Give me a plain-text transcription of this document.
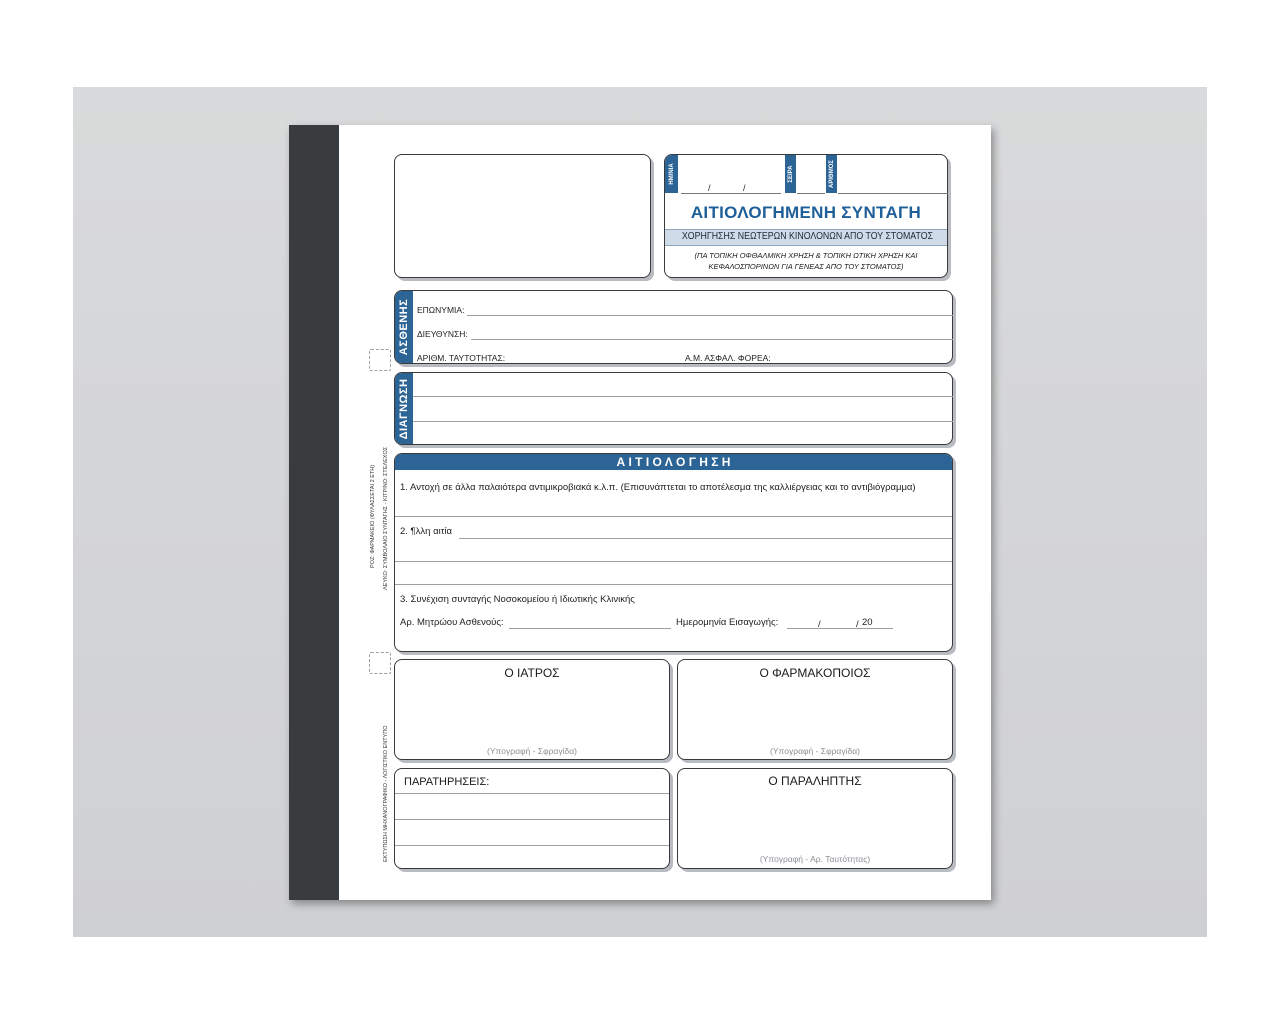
ΡΟΖ: ΦΑΡΜΑΚΕΙΟ (ΦΥΛΑΣΣΕΤΑΙ 2 ΕΤΗ) ΛΕΥΚΟ: ΣΥΜΒΟΛΑΙΟ ΣΥΝΤΑΓΗΣ - ΚΙΤΡΙΝΟ: ΣΤΕΛΕΧΟΣ
ΕΚΤΥΠΩΣΗ ΜΗΧΑΝΟΓΡΑΦΙΚΟ - ΛΟΓΙΣΤΙΚΟ ΕΝΤΥΠΟ
ΗΜ/ΝΙΑ
/	/
ΣΕΙΡΑ	ΑΡΙΘΜΟΣ
ΑΙΤΙΟΛΟΓΗΜΕΝΗ ΣΥΝΤΑΓΗ
ΧΟΡΗΓΗΣΗΣ ΝΕΩΤΕΡΩΝ ΚΙΝΟΛΟΝΩΝ ΑΠΟ ΤΟΥ ΣΤΟΜΑΤΟΣ
(ΠΑ ΤΟΠΙΚΗ ΟΦΘΑΛΜΙΚΗ ΧΡΗΣΗ & ΤΟΠΙΚΗ ΩΤΙΚΗ ΧΡΗΣΗ ΚΑΙ
ΚΕΦΑΛΟΣΠΟΡΙΝΩΝ ΓΙΑ ΓΕΝΕΑΣ ΑΠΟ ΤΟΥ ΣΤΟΜΑΤΟΣ)
ΑΣΘΕΝΗΣ ΕΠΩΝΥΜΙΑ:
ΔΙΕΥΘΥΝΣΗ:
ΑΡΙΘΜ. ΤΑΥΤΟΤΗΤΑΣ:	Α.Μ. ΑΣΦΑΛ. ΦΟΡΕΑ:
ΔΙΑΓΝΩΣΗ
Α Ι Τ Ι Ο Λ Ο Γ Η Σ Η
1. Αντοχή σε άλλα παλαιότερα αντιμικροβιακά κ.λ.π. (Επισυνάπτεται το αποτέλεσμα της καλλιέργειας και το αντιβιόγραμμα)
2. ¶λλη αιτία
3. Συνέχιση συνταγής Νοσοκομείου ή Ιδιωτικής Κλινικής
Αρ. Μητρώου Ασθενούς:	Ημερομηνία Εισαγωγής:	/	/ 20
Ο ΙΑΤΡΟΣ
(Υπογραφή - Σφραγίδα)
Ο ΦΑΡΜΑΚΟΠΟΙΟΣ
(Υπογραφή - Σφραγίδα)
ΠΑΡΑΤΗΡΗΣΕΙΣ:	Ο ΠΑΡΑΛΗΠΤΗΣ
(Υπογραφή - Αρ. Ταυτότητας)
